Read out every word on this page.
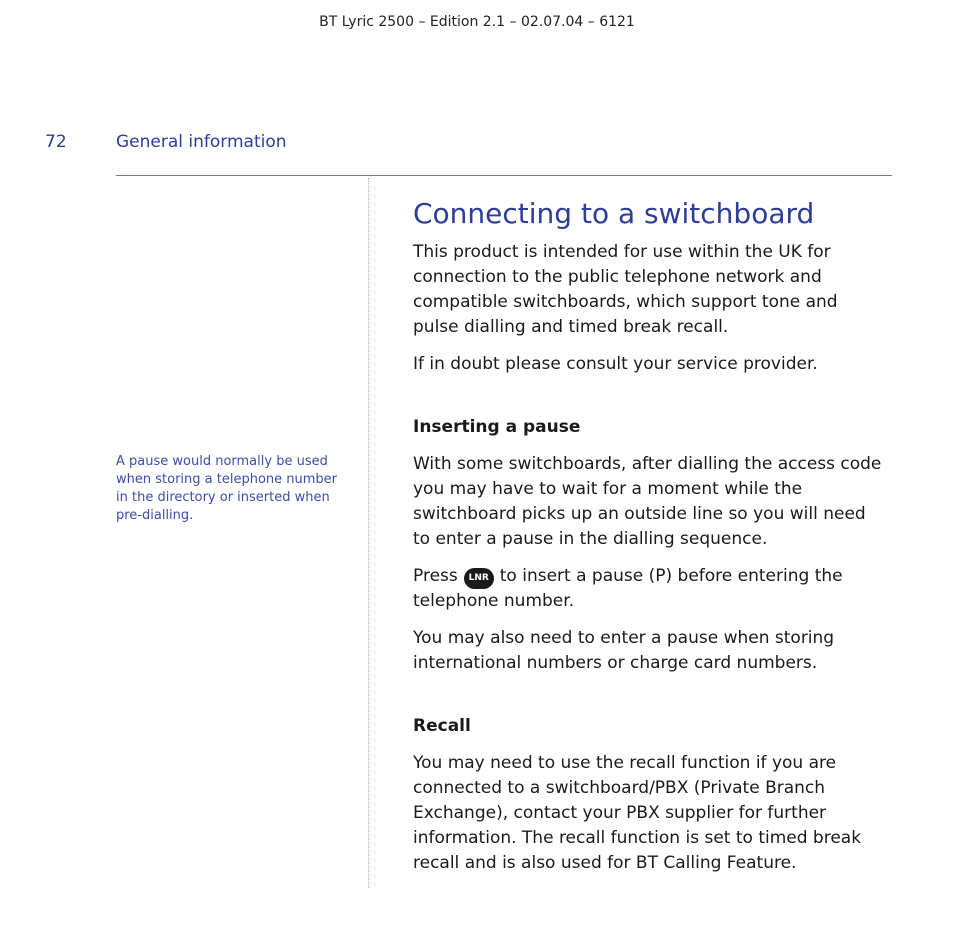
BT Lyric 2500 – Edition 2.1 – 02.07.04 – 6121
72	General information
A pause would normally be used when storing a telephone number in the directory or inserted when pre-dialling.
Connecting to a switchboard

This product is intended for use within the UK for connection to the public telephone network and compatible switchboards, which support tone and pulse dialling and timed break recall.

If in doubt please consult your service provider.

Inserting a pause

With some switchboards, after dialling the access code you may have to wait for a moment while the switchboard picks up an outside line so you will need to enter a pause in the dialling sequence.

Press LNR to insert a pause (P) before entering the telephone number.

You may also need to enter a pause when storing international numbers or charge card numbers.

Recall

You may need to use the recall function if you are connected to a switchboard/PBX (Private Branch Exchange), contact your PBX supplier for further information. The recall function is set to timed break recall and is also used for BT Calling Feature.
